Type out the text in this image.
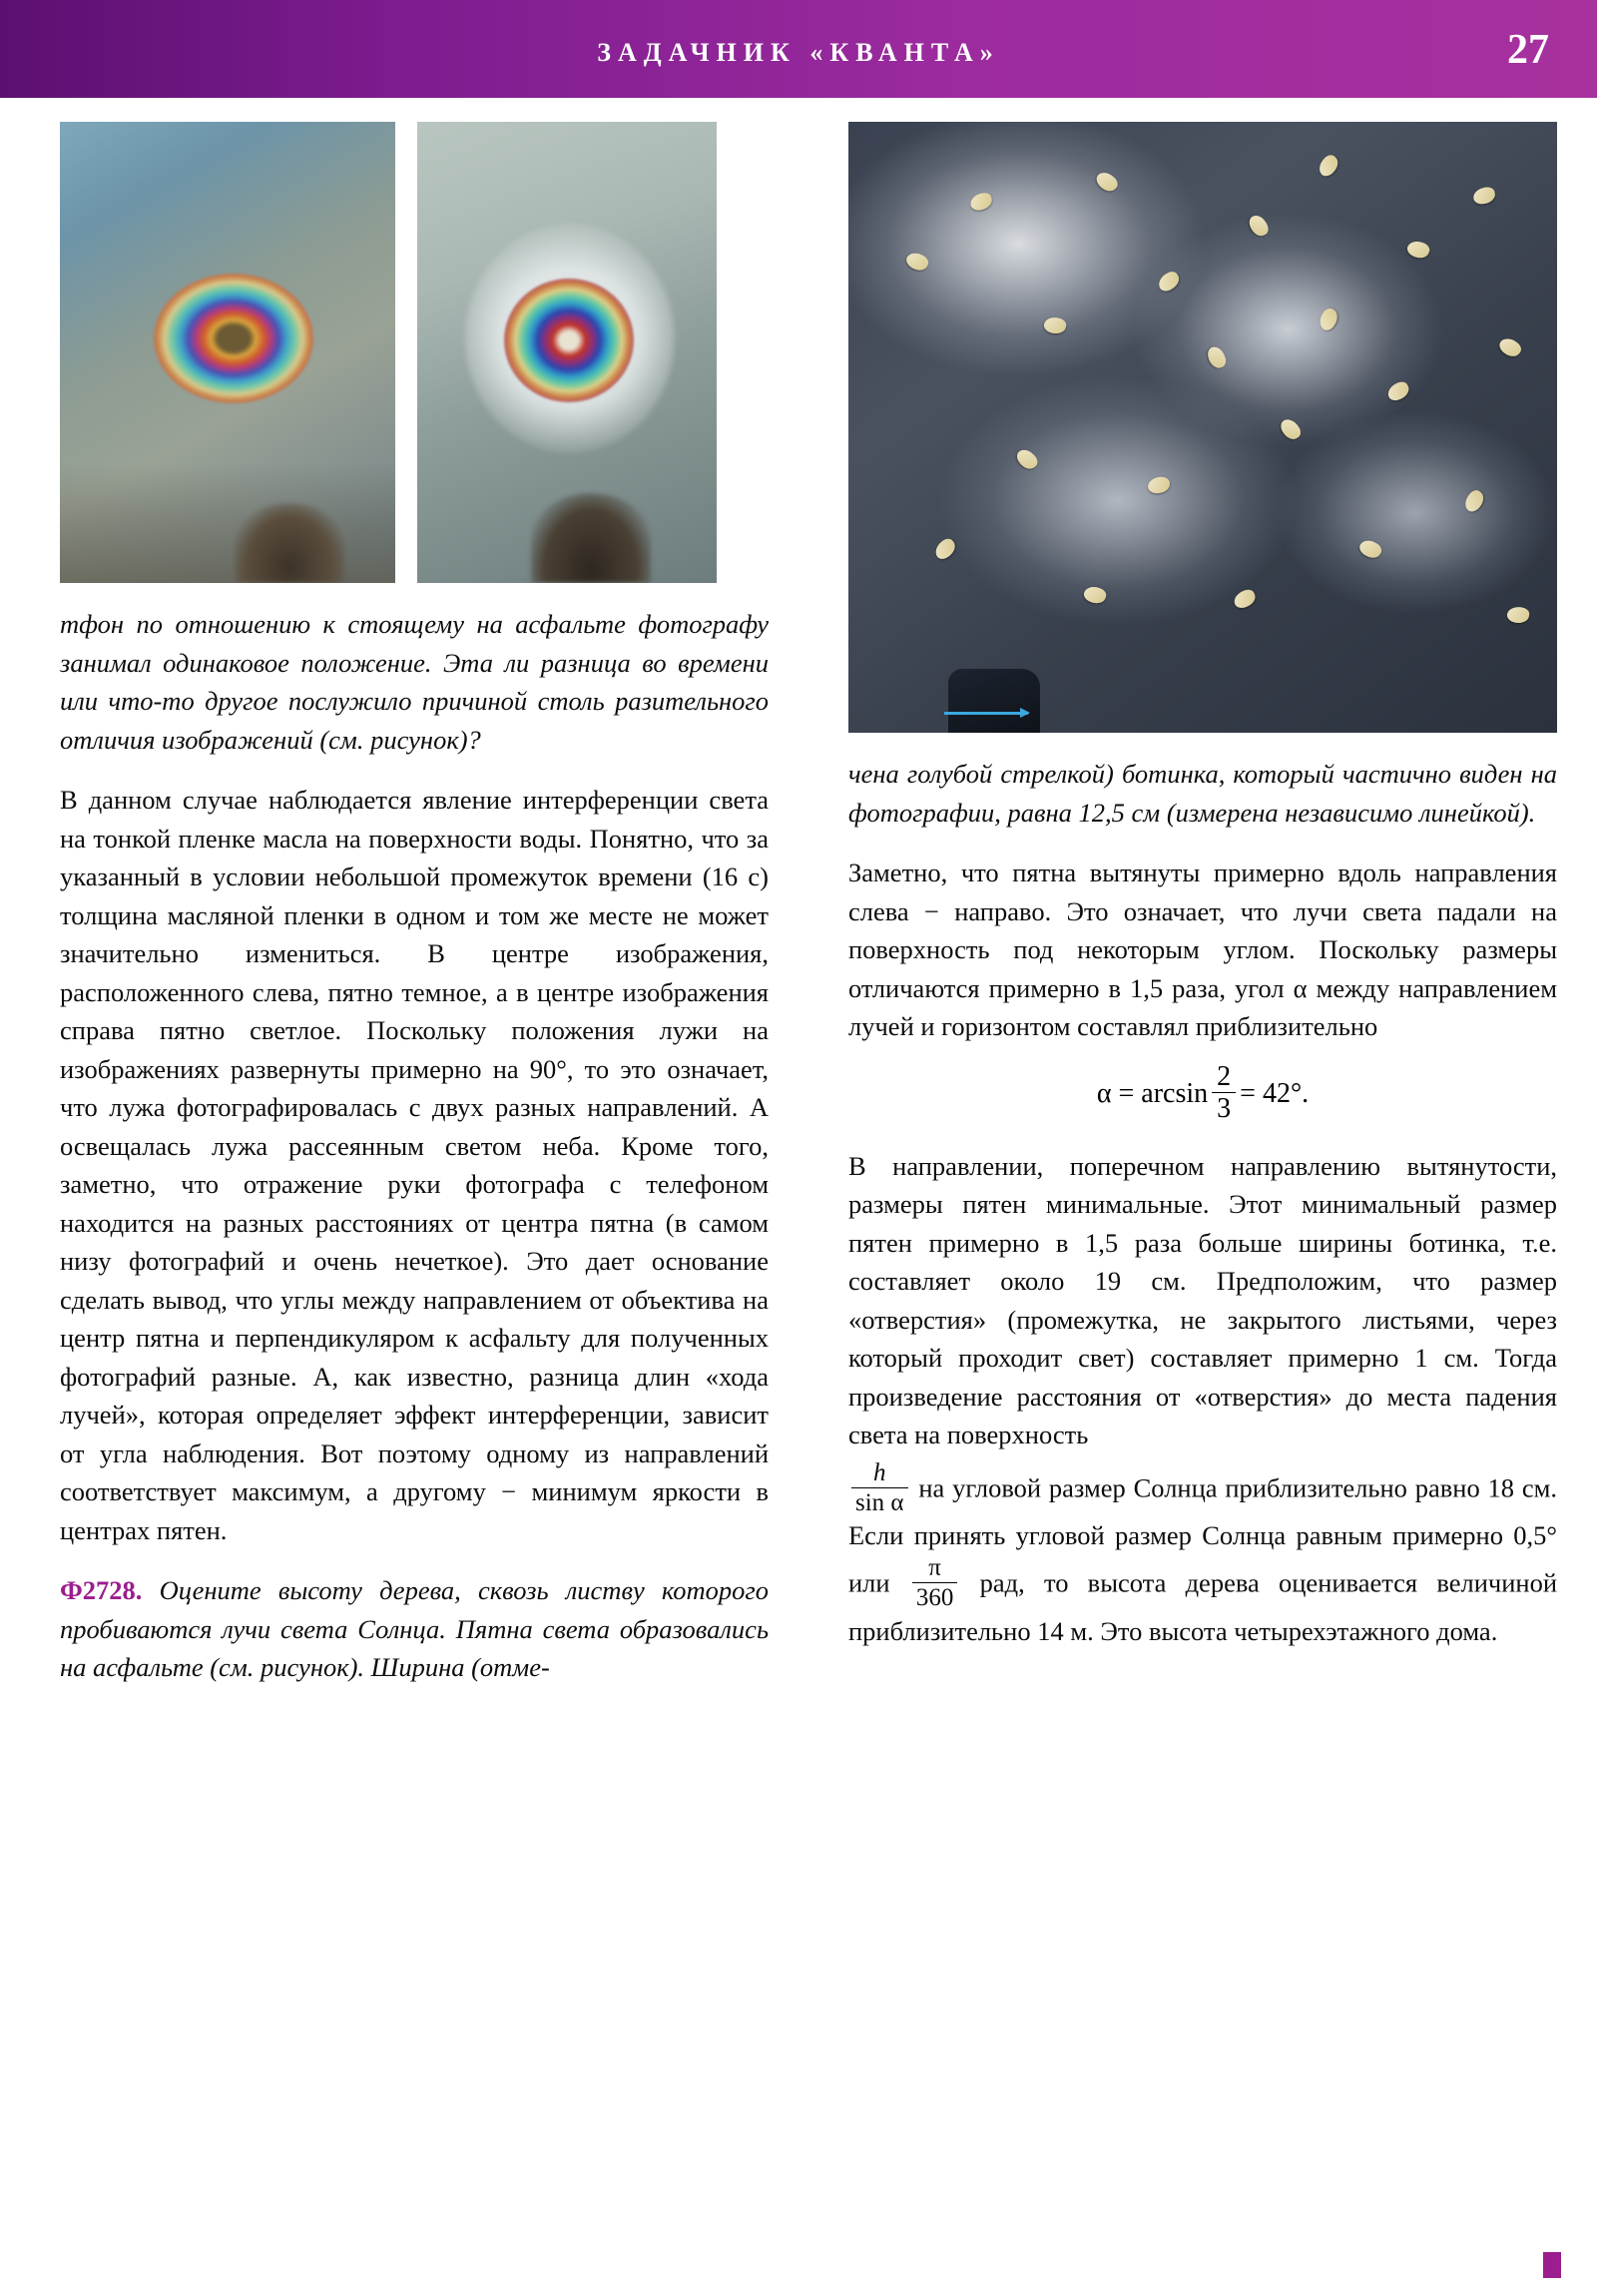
ЗАДАЧНИК «КВАНТА»	27

тфон по отношению к стоящему на асфальте фотографу занимал одинаковое положение. Эта ли разница во времени или что-то другое послужило причиной столь разительного отличия изображений (см. рисунок)?

В данном случае наблюдается явление интерференции света на тонкой пленке масла на поверхности воды. Понятно, что за указанный в условии небольшой промежуток времени (16 с) толщина масляной пленки в одном и том же месте не может значительно измениться. В центре изображения, расположенного слева, пятно темное, а в центре изображения справа пятно светлое. Поскольку положения лужи на изображениях развернуты примерно на 90°, то это означает, что лужа фотографировалась с двух разных направлений. А освещалась лужа рассеянным светом неба. Кроме того, заметно, что отражение руки фотографа с телефоном находится на разных расстояниях от центра пятна (в самом низу фотографий и очень нечеткое). Это дает основание сделать вывод, что углы между направлением от объектива на центр пятна и перпендикуляром к асфальту для полученных фотографий разные. А, как известно, разница длин «хода лучей», которая определяет эффект интерференции, зависит от угла наблюдения. Вот поэтому одному из направлений соответствует максимум, а другому − минимум яркости в центрах пятен.

Ф2728. Оцените высоту дерева, сквозь листву которого пробиваются лучи света Солнца. Пятна света образовались на асфальте (см. рисунок). Ширина (отме-

чена голубой стрелкой) ботинка, который частично виден на фотографии, равна 12,5 см (измерена независимо линейкой).

Заметно, что пятна вытянуты примерно вдоль направления слева − направо. Это означает, что лучи света падали на поверхность под некоторым углом. Поскольку размеры отличаются примерно в 1,5 раза, угол α между направлением лучей и горизонтом составлял приблизительно

$\alpha = \arcsin \frac{2}{3} = 42^\circ$.

В направлении, поперечном направлению вытянутости, размеры пятен минимальные. Этот минимальный размер пятен примерно в 1,5 раза больше ширины ботинка, т.е. составляет около 19 см. Предположим, что размер «отверстия» (промежутка, не закрытого листьями, через который проходит свет) составляет примерно 1 см. Тогда произведение расстояния от «отверстия» до места падения света на поверхность

$\frac{h}{\text{sin α}}$ на угловой размер Солнца приблизительно равно 18 см. Если принять угловой размер Солнца равным примерно 0,5° или $\frac{\pi}{360}$ рад, то высота дерева оценивается величиной приблизительно 14 м. Это высота четырехэтажного дома.
